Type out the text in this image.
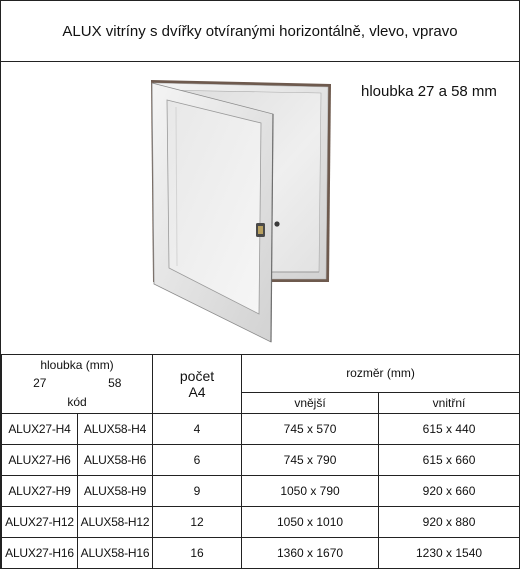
ALUX vitríny s dvířky otvíranými horizontálně, vlevo, vpravo
hloubka 27 a 58 mm
hloubka (mm)		počet
A4	rozměr (mm)	
27	58			
kód			vnější	vnitřní
ALUX27-H4	ALUX58-H4	4	745 x 570	615 x 440
ALUX27-H6	ALUX58-H6	6	745 x 790	615 x 660
ALUX27-H9	ALUX58-H9	9	1050 x 790	920 x 660
ALUX27-H12	ALUX58-H12	12	1050 x 1010	920 x 880
ALUX27-H16	ALUX58-H16	16	1360 x 1670	1230 x 1540
